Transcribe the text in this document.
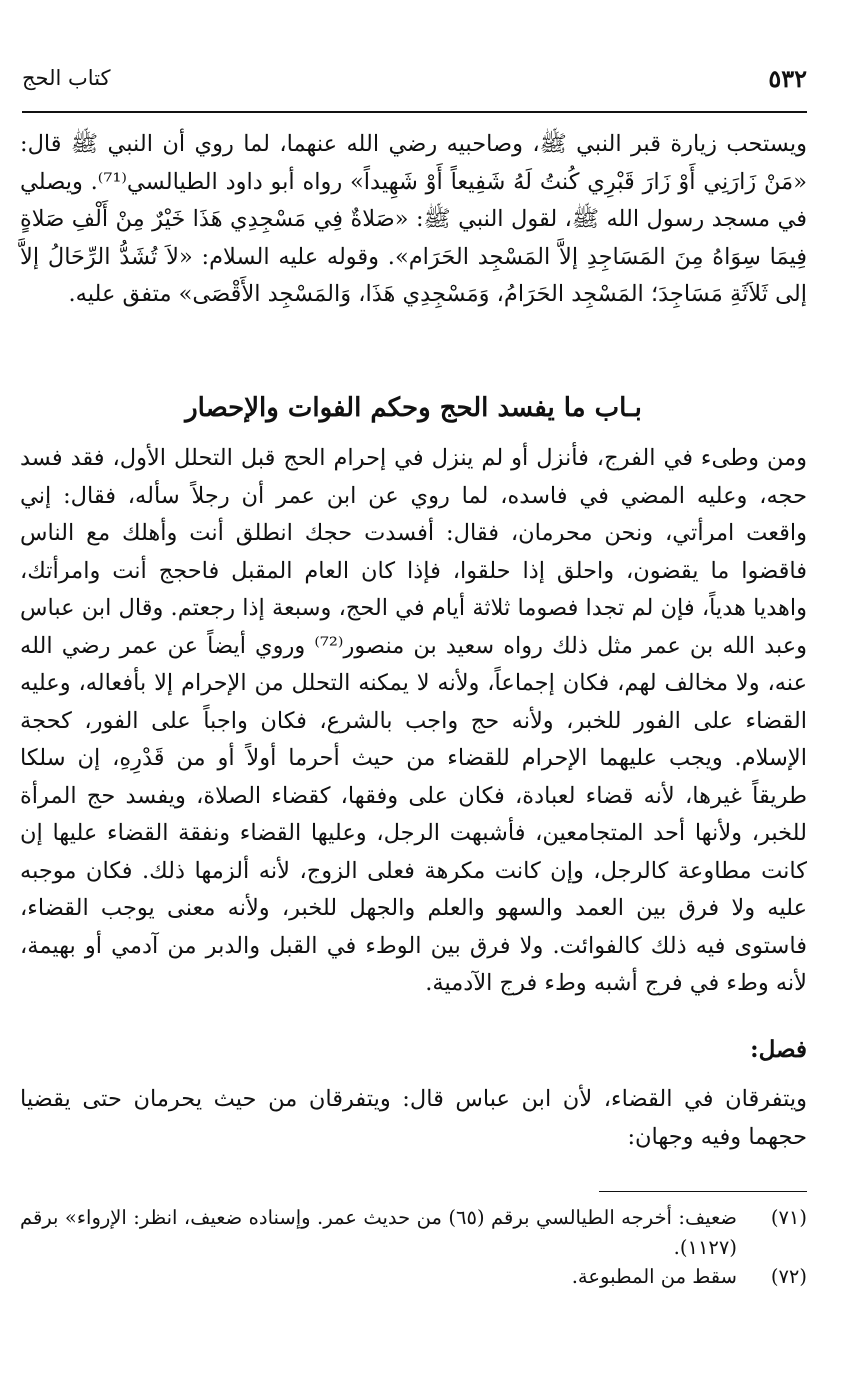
٥٣٢
كتاب الحج

ويستحب زيارة قبر النبي ﷺ، وصاحبيه رضي الله عنهما، لما روي أن النبي ﷺ قال: «مَنْ زَارَنِي أَوْ زَارَ قَبْرِي كُنتُ لَهُ شَفِيعاً أَوْ شَهِيداً» رواه أبو داود الطيالسي⁽⁷¹⁾. ويصلي في مسجد رسول الله ﷺ، لقول النبي ﷺ: «صَلاةٌ فِي مَسْجِدِي هَذَا خَيْرٌ مِنْ أَلْفِ صَلاةٍ فِيمَا سِوَاهُ مِنَ المَسَاجِدِ إلاَّ المَسْجِد الحَرَام». وقوله عليه السلام: «لاَ تُشَدُّ الرِّحَالُ إلاَّ إلى ثَلاَثَةِ مَسَاجِدَ؛ المَسْجِد الحَرَامُ، وَمَسْجِدِي هَذَا، وَالمَسْجِد الأَقْصَى» متفق عليه.

بـاب ما يفسد الحج وحكم الفوات والإحصار

ومن وطىء في الفرج، فأنزل أو لم ينزل في إحرام الحج قبل التحلل الأول، فقد فسد حجه، وعليه المضي في فاسده، لما روي عن ابن عمر أن رجلاً سأله، فقال: إني واقعت امرأتي، ونحن محرمان، فقال: أفسدت حجك انطلق أنت وأهلك مع الناس فاقضوا ما يقضون، واحلق إذا حلقوا، فإذا كان العام المقبل فاحجج أنت وامرأتك، واهديا هدياً، فإن لم تجدا فصوما ثلاثة أيام في الحج، وسبعة إذا رجعتم. وقال ابن عباس وعبد الله بن عمر مثل ذلك رواه سعيد بن منصور⁽⁷²⁾ وروي أيضاً عن عمر رضي الله عنه، ولا مخالف لهم، فكان إجماعاً، ولأنه لا يمكنه التحلل من الإحرام إلا بأفعاله، وعليه القضاء على الفور للخبر، ولأنه حج واجب بالشرع، فكان واجباً على الفور، كحجة الإسلام. ويجب عليهما الإحرام للقضاء من حيث أحرما أولاً أو من قَدْرِهِ، إن سلكا طريقاً غيرها، لأنه قضاء لعبادة، فكان على وفقها، كقضاء الصلاة، ويفسد حج المرأة للخبر، ولأنها أحد المتجامعين، فأشبهت الرجل، وعليها القضاء ونفقة القضاء عليها إن كانت مطاوعة كالرجل، وإن كانت مكرهة فعلى الزوج، لأنه ألزمها ذلك. فكان موجبه عليه ولا فرق بين العمد والسهو والعلم والجهل للخبر، ولأنه معنى يوجب القضاء، فاستوى فيه ذلك كالفوائت. ولا فرق بين الوطء في القبل والدبر من آدمي أو بهيمة، لأنه وطء في فرج أشبه وطء فرج الآدمية.

فصل:

ويتفرقان في القضاء، لأن ابن عباس قال: ويتفرقان من حيث يحرمان حتى يقضيا حجهما وفيه وجهان:

(٧١)
ضعيف: أخرجه الطيالسي برقم (٦٥) من حديث عمر. وإسناده ضعيف، انظر: الإرواء» برقم (١١٢٧).
(٧٢)
سقط من المطبوعة.
